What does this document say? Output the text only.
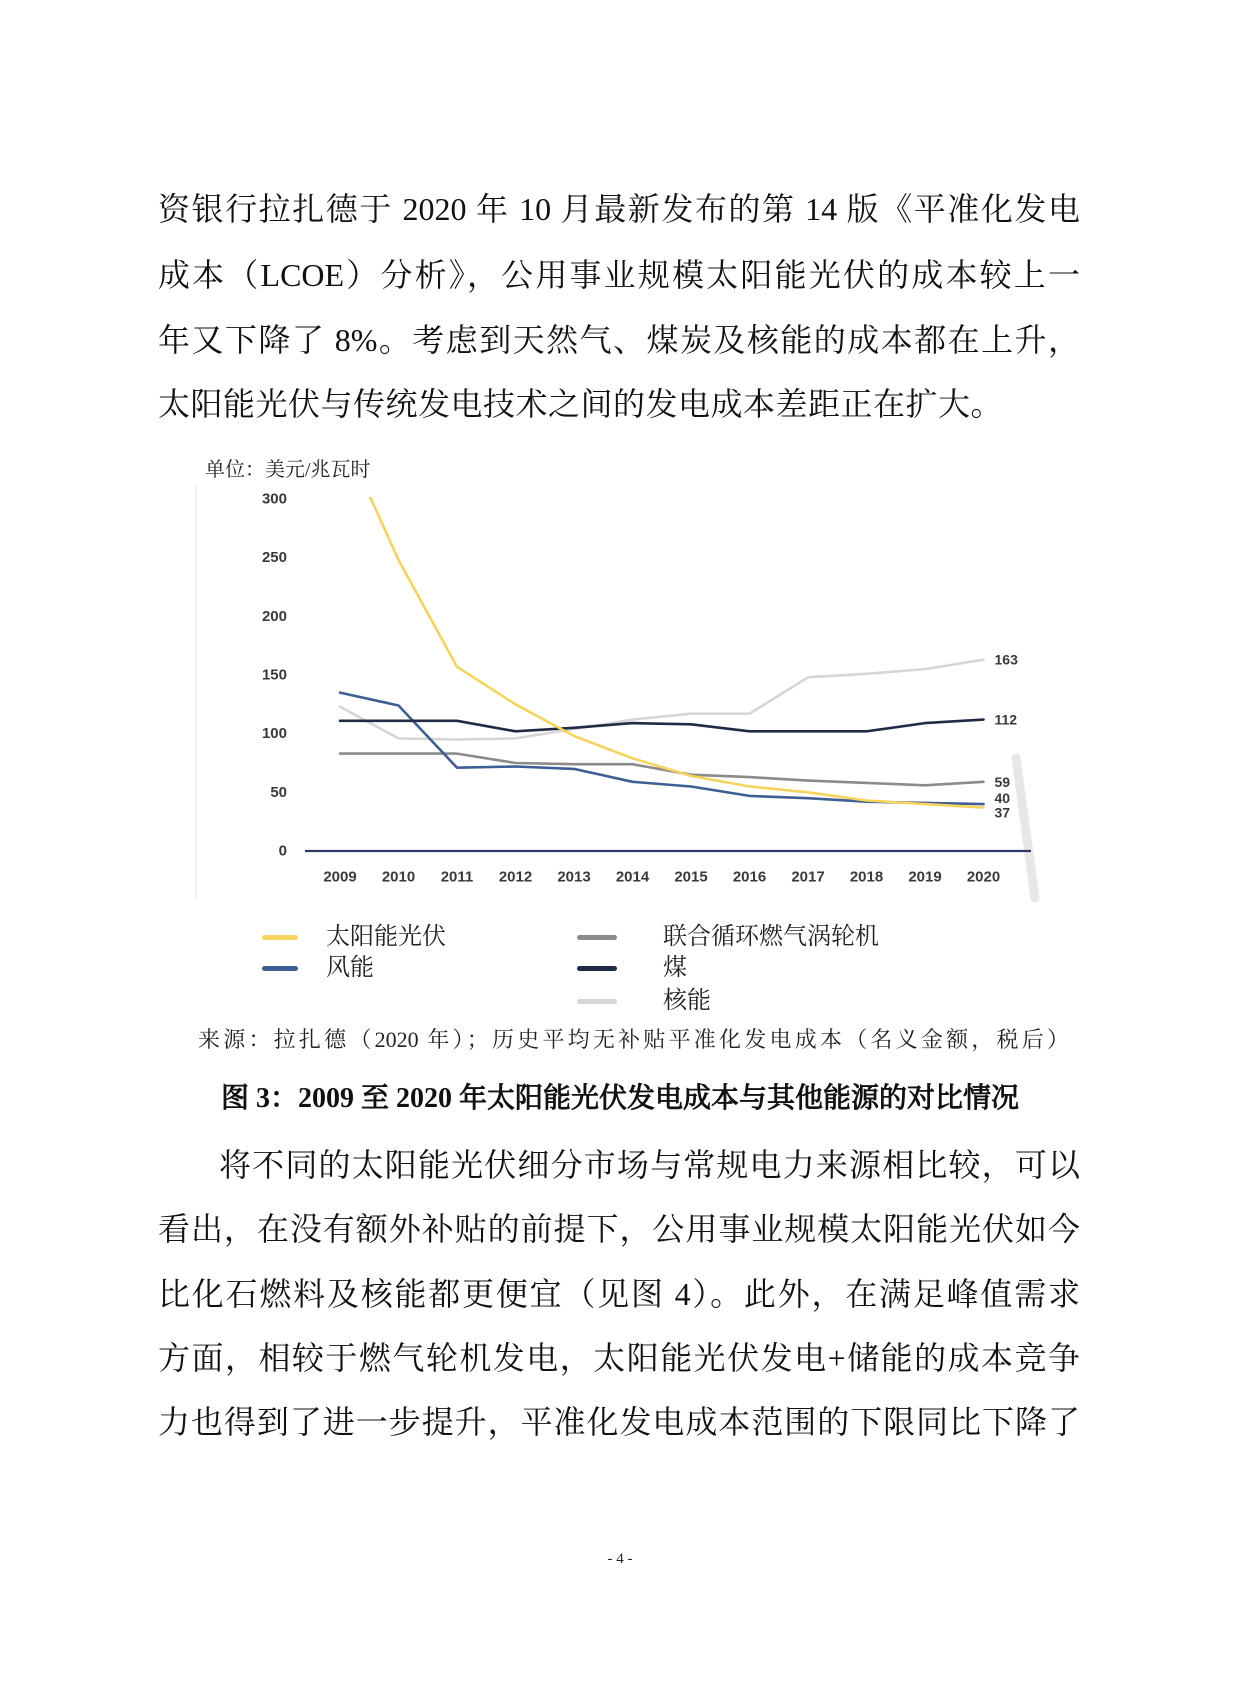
资银行拉扎德于 2020 年 10 月最新发布的第 14 版《平准化发电
成本（LCOE）分析》，公用事业规模太阳能光伏的成本较上一
年又下降了 8%。考虑到天然气、煤炭及核能的成本都在上升，
太阳能光伏与传统发电技术之间的发电成本差距正在扩大。
单位：美元/兆瓦时
0
50
100
150
200
250
300
2009 2010 2011 2012 2013 2014 2015 2016 2017 2018 2019 2020
37
40
59
112
163
太阳能光伏
风能
联合循环燃气涡轮机
煤
核能
来源：拉扎德（2020 年）；历史平均无补贴平准化发电成本（名义金额，税后）
图 3：2009 至 2020 年太阳能光伏发电成本与其他能源的对比情况
将不同的太阳能光伏细分市场与常规电力来源相比较，可以
看出，在没有额外补贴的前提下，公用事业规模太阳能光伏如今
比化石燃料及核能都更便宜（见图 4）。此外，在满足峰值需求
方面，相较于燃气轮机发电，太阳能光伏发电+储能的成本竞争
力也得到了进一步提升，平准化发电成本范围的下限同比下降了
- 4 -
